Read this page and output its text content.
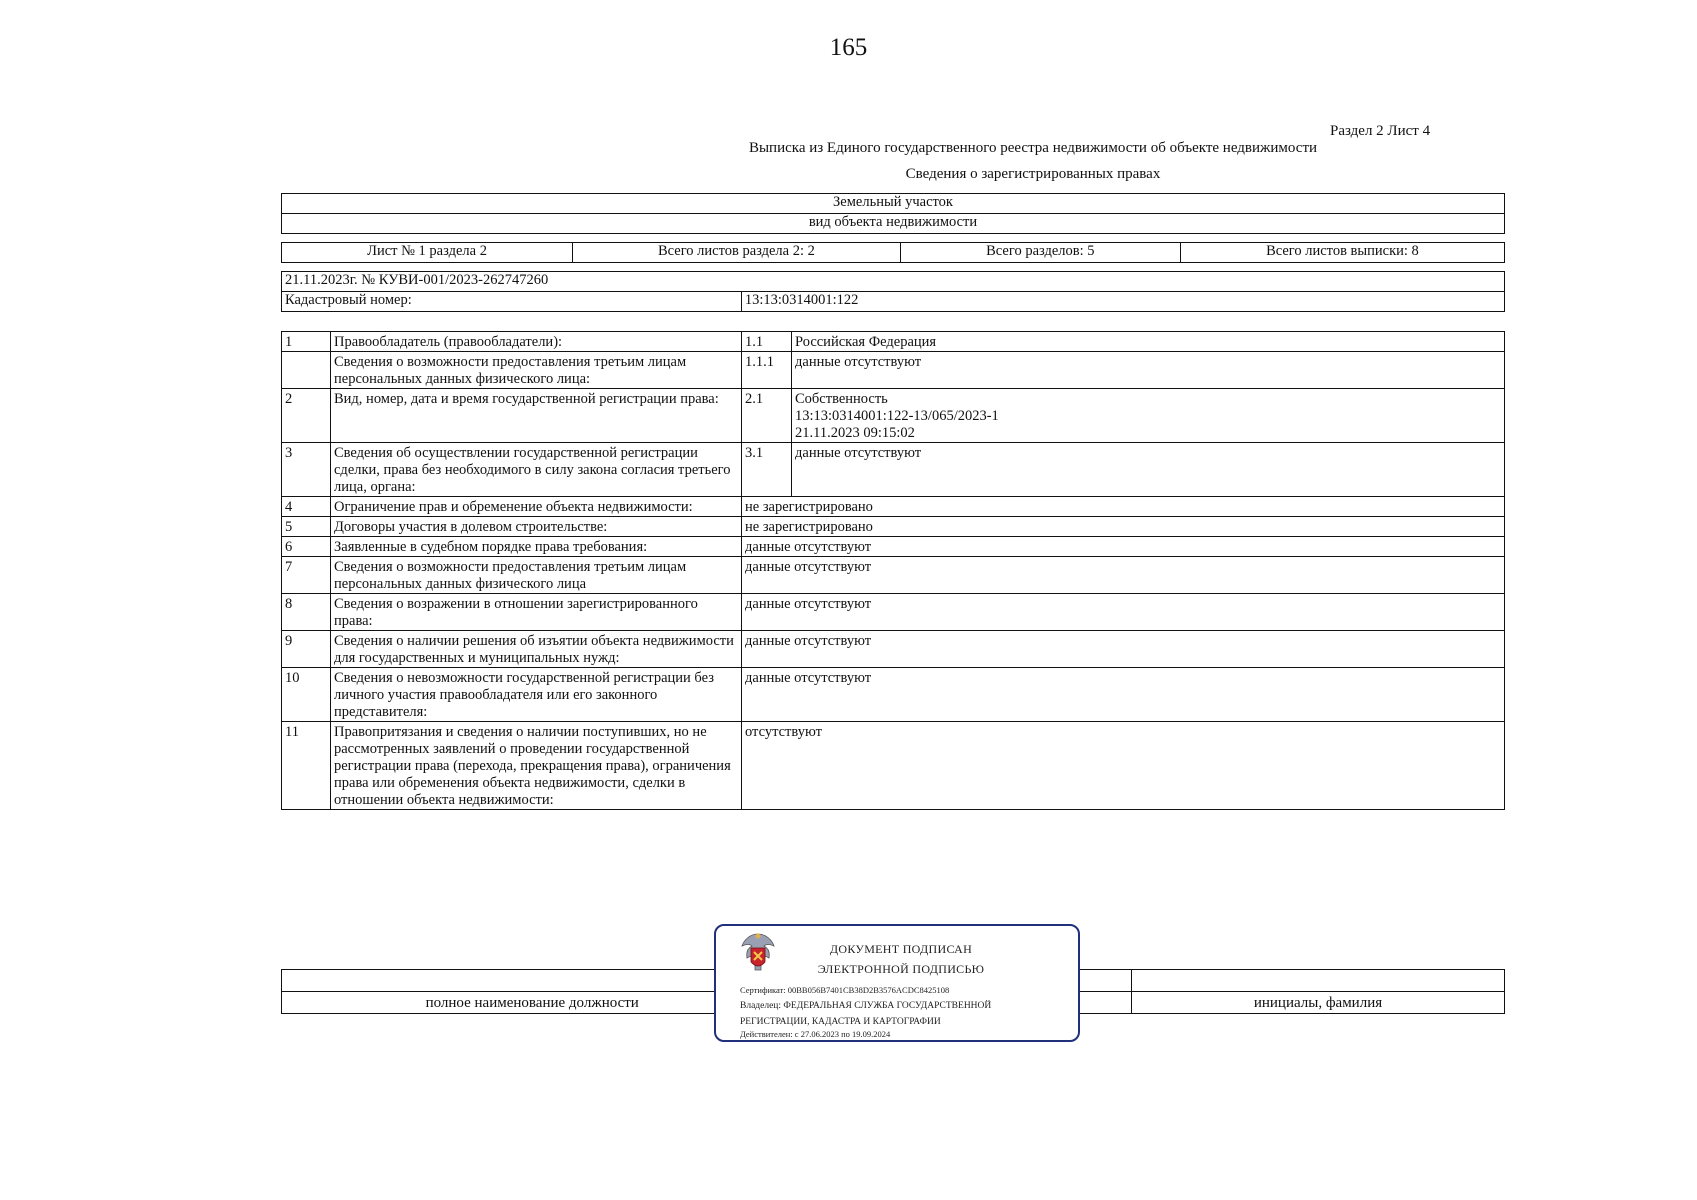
165
Раздел 2 Лист 4
Выписка из Единого государственного реестра недвижимости об объекте недвижимости
Сведения о зарегистрированных правах
Земельный участок
вид объекта недвижимости
Лист № 1 раздела 2	Всего листов раздела 2: 2	Всего разделов: 5	Всего листов выписки: 8
21.11.2023г. № КУВИ-001/2023-262747260
Кадастровый номер:	13:13:0314001:122
1	Правообладатель (правообладатели):	1.1	Российская Федерация
	Сведения о возможности предоставления третьим лицам персональных данных физического лица:	1.1.1	данные отсутствуют
2	Вид, номер, дата и время государственной регистрации права:	2.1	Собственность
13:13:0314001:122-13/065/2023-1
21.11.2023 09:15:02
3	Сведения об осуществлении государственной регистрации сделки, права без необходимого в силу закона согласия третьего лица, органа:	3.1	данные отсутствуют
4	Ограничение прав и обременение объекта недвижимости:	не зарегистрировано	
5	Договоры участия в долевом строительстве:	не зарегистрировано	
6	Заявленные в судебном порядке права требования:	данные отсутствуют	
7	Сведения о возможности предоставления третьим лицам персональных данных физического лица	данные отсутствуют	
8	Сведения о возражении в отношении зарегистрированного права:	данные отсутствуют	
9	Сведения о наличии решения об изъятии объекта недвижимости для государственных и муниципальных нужд:	данные отсутствуют	
10	Сведения о невозможности государственной регистрации без личного участия правообладателя или его законного представителя:	данные отсутствуют	
11	Правопритязания и сведения о наличии поступивших, но не рассмотренных заявлений о проведении государственной регистрации права (перехода, прекращения права), ограничения права или обременения объекта недвижимости, сделки в отношении объекта недвижимости:	отсутствуют	

полное наименование должности		инициалы, фамилия
ДОКУМЕНТ ПОДПИСАН
ЭЛЕКТРОННОЙ ПОДПИСЬЮ
Сертификат: 00BB056B7401CB38D2B3576ACDC8425108
Владелец: ФЕДЕРАЛЬНАЯ СЛУЖБА ГОСУДАРСТВЕННОЙ
РЕГИСТРАЦИИ, КАДАСТРА И КАРТОГРАФИИ
Действителен: с 27.06.2023 по 19.09.2024
